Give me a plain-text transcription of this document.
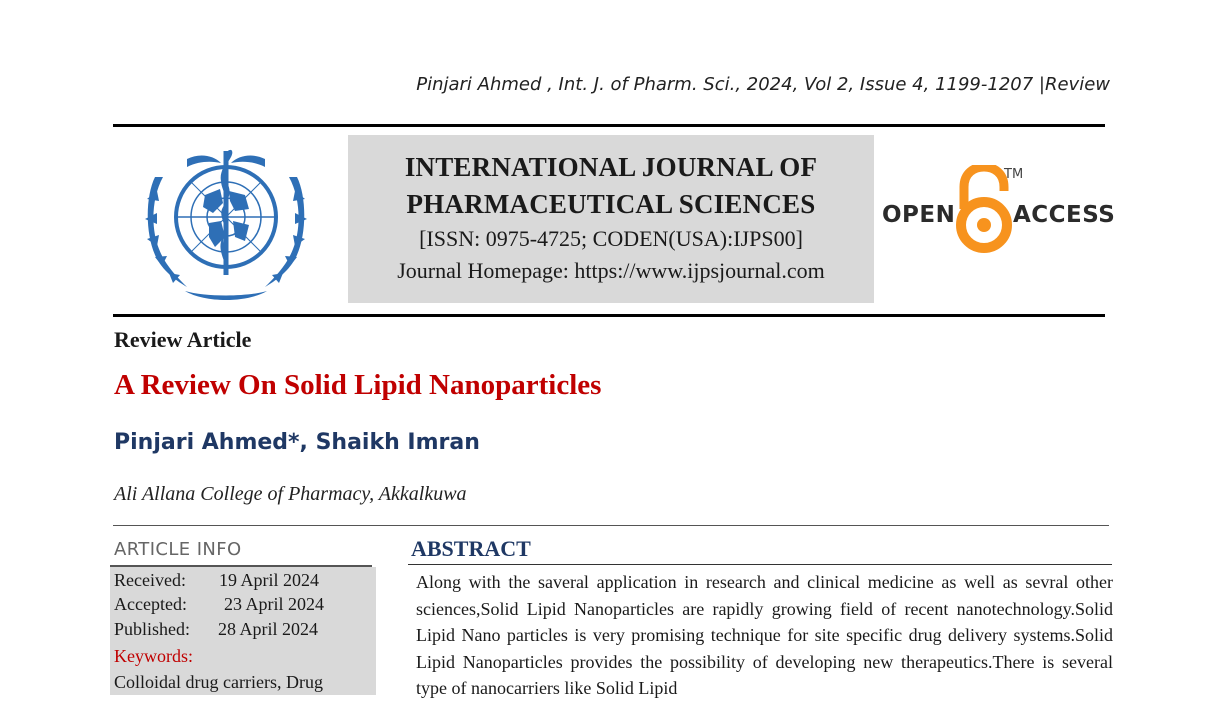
Pinjari Ahmed , Int. J. of Pharm. Sci., 2024, Vol 2, Issue 4, 1199-1207 |Review
INTERNATIONAL JOURNAL OF
PHARMACEUTICAL SCIENCES
[ISSN: 0975-4725; CODEN(USA):IJPS00]
Journal Homepage: https://www.ijpsjournal.com
OPEN
TM
ACCESS
Review Article
A Review On Solid Lipid Nanoparticles
Pinjari Ahmed*, Shaikh Imran
Ali Allana College of Pharmacy, Akkalkuwa
ARTICLE INFO
Received: 19 April 2024
Accepted: 23 April 2024
Published: 28 April 2024
Keywords:
Colloidal drug carriers, Drug
ABSTRACT
Along with the saveral application in research and clinical medicine as well as sevral other sciences,Solid Lipid Nanoparticles are rapidly growing field of recent nanotechnology.Solid Lipid Nano particles is very promising technique for site specific drug delivery systems.Solid Lipid Nanoparticles provides the possibility of developing new therapeutics.There is several type of nanocarriers like Solid Lipid
